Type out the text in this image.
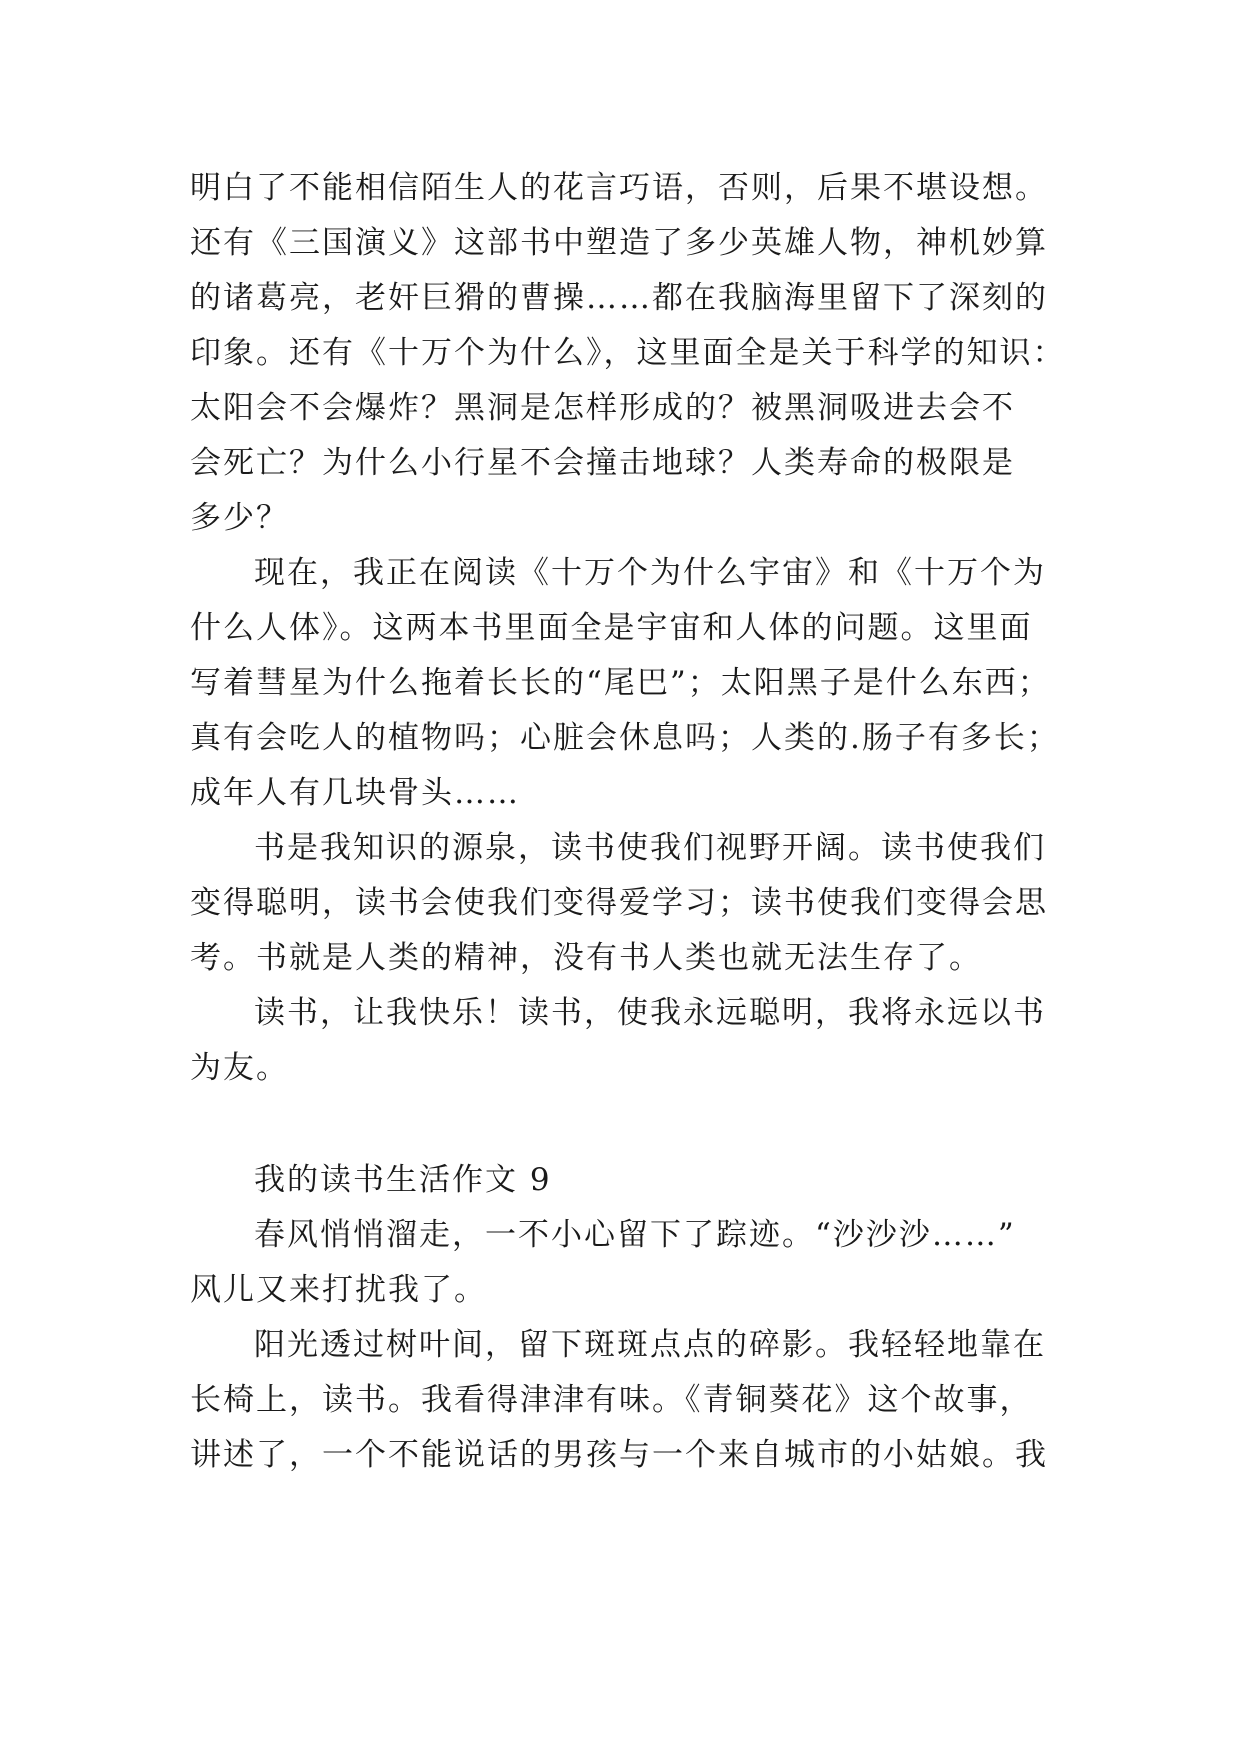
明白了不能相信陌生人的花言巧语，否则，后果不堪设想。
还有《三国演义》这部书中塑造了多少英雄人物，神机妙算
的诸葛亮，老奸巨猾的曹操……都在我脑海里留下了深刻的
印象。还有《十万个为什么》，这里面全是关于科学的知识：
太阳会不会爆炸？黑洞是怎样形成的？被黑洞吸进去会不
会死亡？为什么小行星不会撞击地球？人类寿命的极限是
多少？
现在，我正在阅读《十万个为什么宇宙》和《十万个为
什么人体》。这两本书里面全是宇宙和人体的问题。这里面
写着彗星为什么拖着长长的“尾巴”；太阳黑子是什么东西；
真有会吃人的植物吗；心脏会休息吗；人类的.肠子有多长；
成年人有几块骨头……
书是我知识的源泉，读书使我们视野开阔。读书使我们
变得聪明，读书会使我们变得爱学习；读书使我们变得会思
考。书就是人类的精神，没有书人类也就无法生存了。
读书，让我快乐！读书，使我永远聪明，我将永远以书
为友。
我的读书生活作文 9
春风悄悄溜走，一不小心留下了踪迹。“沙沙沙……”
风儿又来打扰我了。
阳光透过树叶间，留下斑斑点点的碎影。我轻轻地靠在
长椅上，读书。我看得津津有味。《青铜葵花》这个故事，
讲述了，一个不能说话的男孩与一个来自城市的小姑娘。我
